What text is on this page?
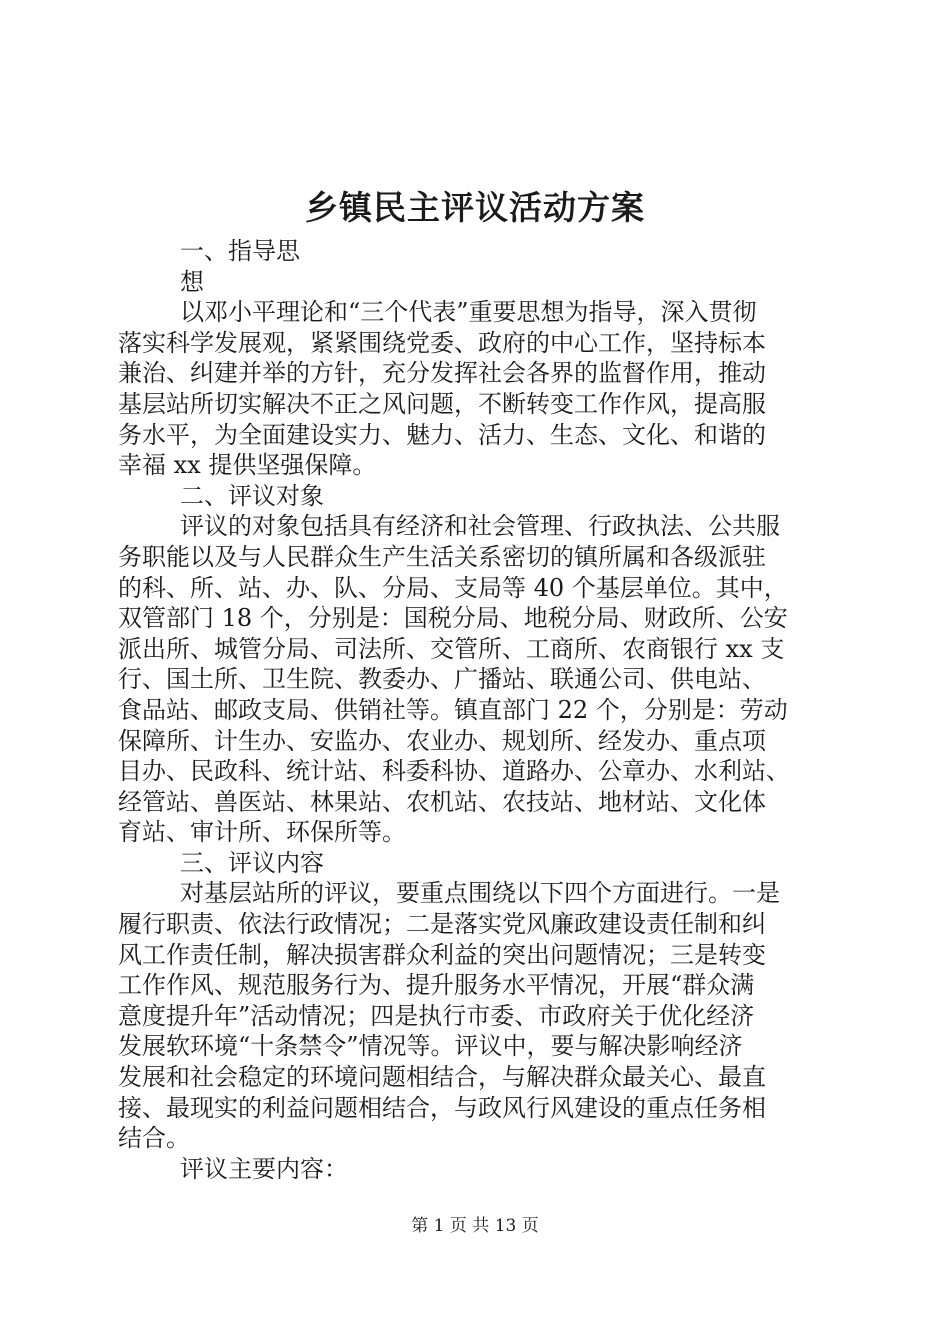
乡镇民主评议活动方案
一、指导思
想
以邓小平理论和“三个代表”重要思想为指导，深入贯彻
落实科学发展观，紧紧围绕党委、政府的中心工作，坚持标本
兼治、纠建并举的方针，充分发挥社会各界的监督作用，推动
基层站所切实解决不正之风问题，不断转变工作作风，提高服
务水平，为全面建设实力、魅力、活力、生态、文化、和谐的
幸福 xx 提供坚强保障。
二、评议对象
评议的对象包括具有经济和社会管理、行政执法、公共服
务职能以及与人民群众生产生活关系密切的镇所属和各级派驻
的科、所、站、办、队、分局、支局等 40 个基层单位。其中，
双管部门 18 个，分别是：国税分局、地税分局、财政所、公安
派出所、城管分局、司法所、交管所、工商所、农商银行 xx 支
行、国土所、卫生院、教委办、广播站、联通公司、供电站、
食品站、邮政支局、供销社等。镇直部门 22 个，分别是：劳动
保障所、计生办、安监办、农业办、规划所、经发办、重点项
目办、民政科、统计站、科委科协、道路办、公章办、水利站、
经管站、兽医站、林果站、农机站、农技站、地材站、文化体
育站、审计所、环保所等。
三、评议内容
对基层站所的评议，要重点围绕以下四个方面进行。一是
履行职责、依法行政情况；二是落实党风廉政建设责任制和纠
风工作责任制，解决损害群众利益的突出问题情况；三是转变
工作作风、规范服务行为、提升服务水平情况，开展“群众满
意度提升年”活动情况；四是执行市委、市政府关于优化经济
发展软环境“十条禁令”情况等。评议中，要与解决影响经济
发展和社会稳定的环境问题相结合，与解决群众最关心、最直
接、最现实的利益问题相结合，与政风行风建设的重点任务相
结合。
评议主要内容：
第 1 页 共 13 页
